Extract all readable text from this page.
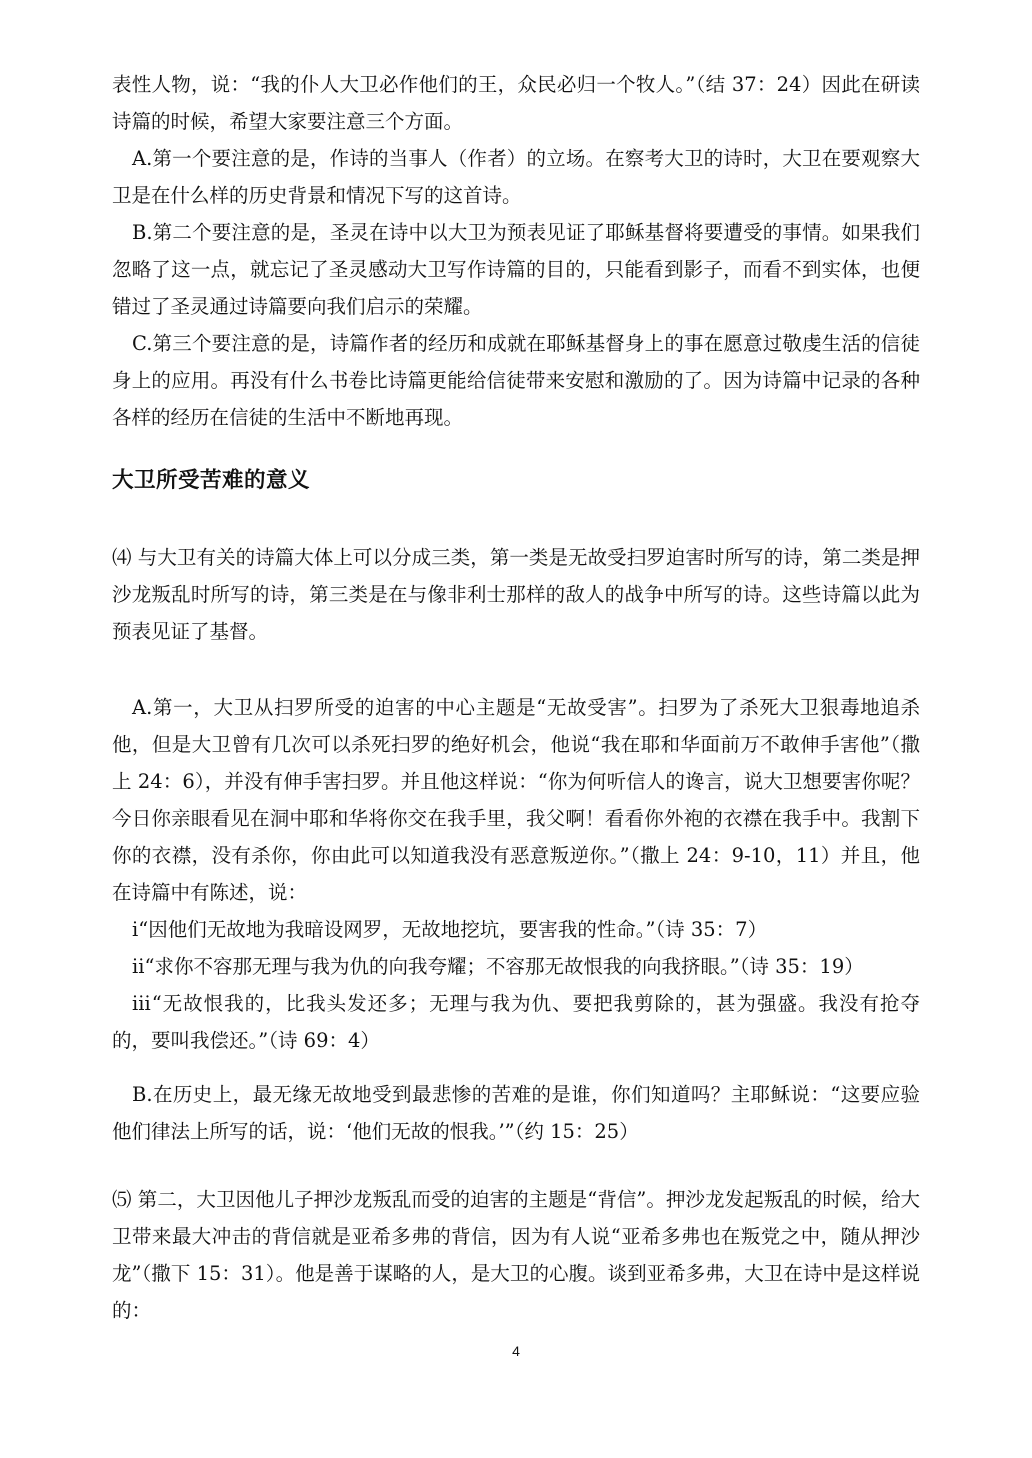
表性人物，说：“我的仆人大卫必作他们的王，众民必归一个牧人。”（结 37：24）因此在研读诗篇的时候，希望大家要注意三个方面。

A.第一个要注意的是，作诗的当事人（作者）的立场。在察考大卫的诗时，大卫在要观察大卫是在什么样的历史背景和情况下写的这首诗。

B.第二个要注意的是，圣灵在诗中以大卫为预表见证了耶稣基督将要遭受的事情。如果我们忽略了这一点，就忘记了圣灵感动大卫写作诗篇的目的，只能看到影子，而看不到实体，也便错过了圣灵通过诗篇要向我们启示的荣耀。

C.第三个要注意的是，诗篇作者的经历和成就在耶稣基督身上的事在愿意过敬虔生活的信徒身上的应用。再没有什么书卷比诗篇更能给信徒带来安慰和激励的了。因为诗篇中记录的各种各样的经历在信徒的生活中不断地再现。

大卫所受苦难的意义

⑷ 与大卫有关的诗篇大体上可以分成三类，第一类是无故受扫罗迫害时所写的诗，第二类是押沙龙叛乱时所写的诗，第三类是在与像非利士那样的敌人的战争中所写的诗。这些诗篇以此为预表见证了基督。

A.第一，大卫从扫罗所受的迫害的中心主题是“无故受害”。扫罗为了杀死大卫狠毒地追杀他，但是大卫曾有几次可以杀死扫罗的绝好机会，他说“我在耶和华面前万不敢伸手害他”（撒上 24：6），并没有伸手害扫罗。并且他这样说：“你为何听信人的谗言，说大卫想要害你呢？今日你亲眼看见在洞中耶和华将你交在我手里，我父啊！看看你外袍的衣襟在我手中。我割下你的衣襟，没有杀你，你由此可以知道我没有恶意叛逆你。”（撒上 24：9-10，11）并且，他在诗篇中有陈述，说：

ⅰ“因他们无故地为我暗设网罗，无故地挖坑，要害我的性命。”（诗 35：7）

ⅱ“求你不容那无理与我为仇的向我夸耀；不容那无故恨我的向我挤眼。”（诗 35：19）

ⅲ“无故恨我的，比我头发还多；无理与我为仇、要把我剪除的，甚为强盛。我没有抢夺的，要叫我偿还。”（诗 69：4）

B.在历史上，最无缘无故地受到最悲惨的苦难的是谁，你们知道吗？主耶稣说：“这要应验他们律法上所写的话，说：‘他们无故的恨我。’”（约 15：25）

⑸ 第二，大卫因他儿子押沙龙叛乱而受的迫害的主题是“背信”。押沙龙发起叛乱的时候，给大卫带来最大冲击的背信就是亚希多弗的背信，因为有人说“亚希多弗也在叛党之中，随从押沙龙”（撒下 15：31）。他是善于谋略的人，是大卫的心腹。谈到亚希多弗，大卫在诗中是这样说的：

4
